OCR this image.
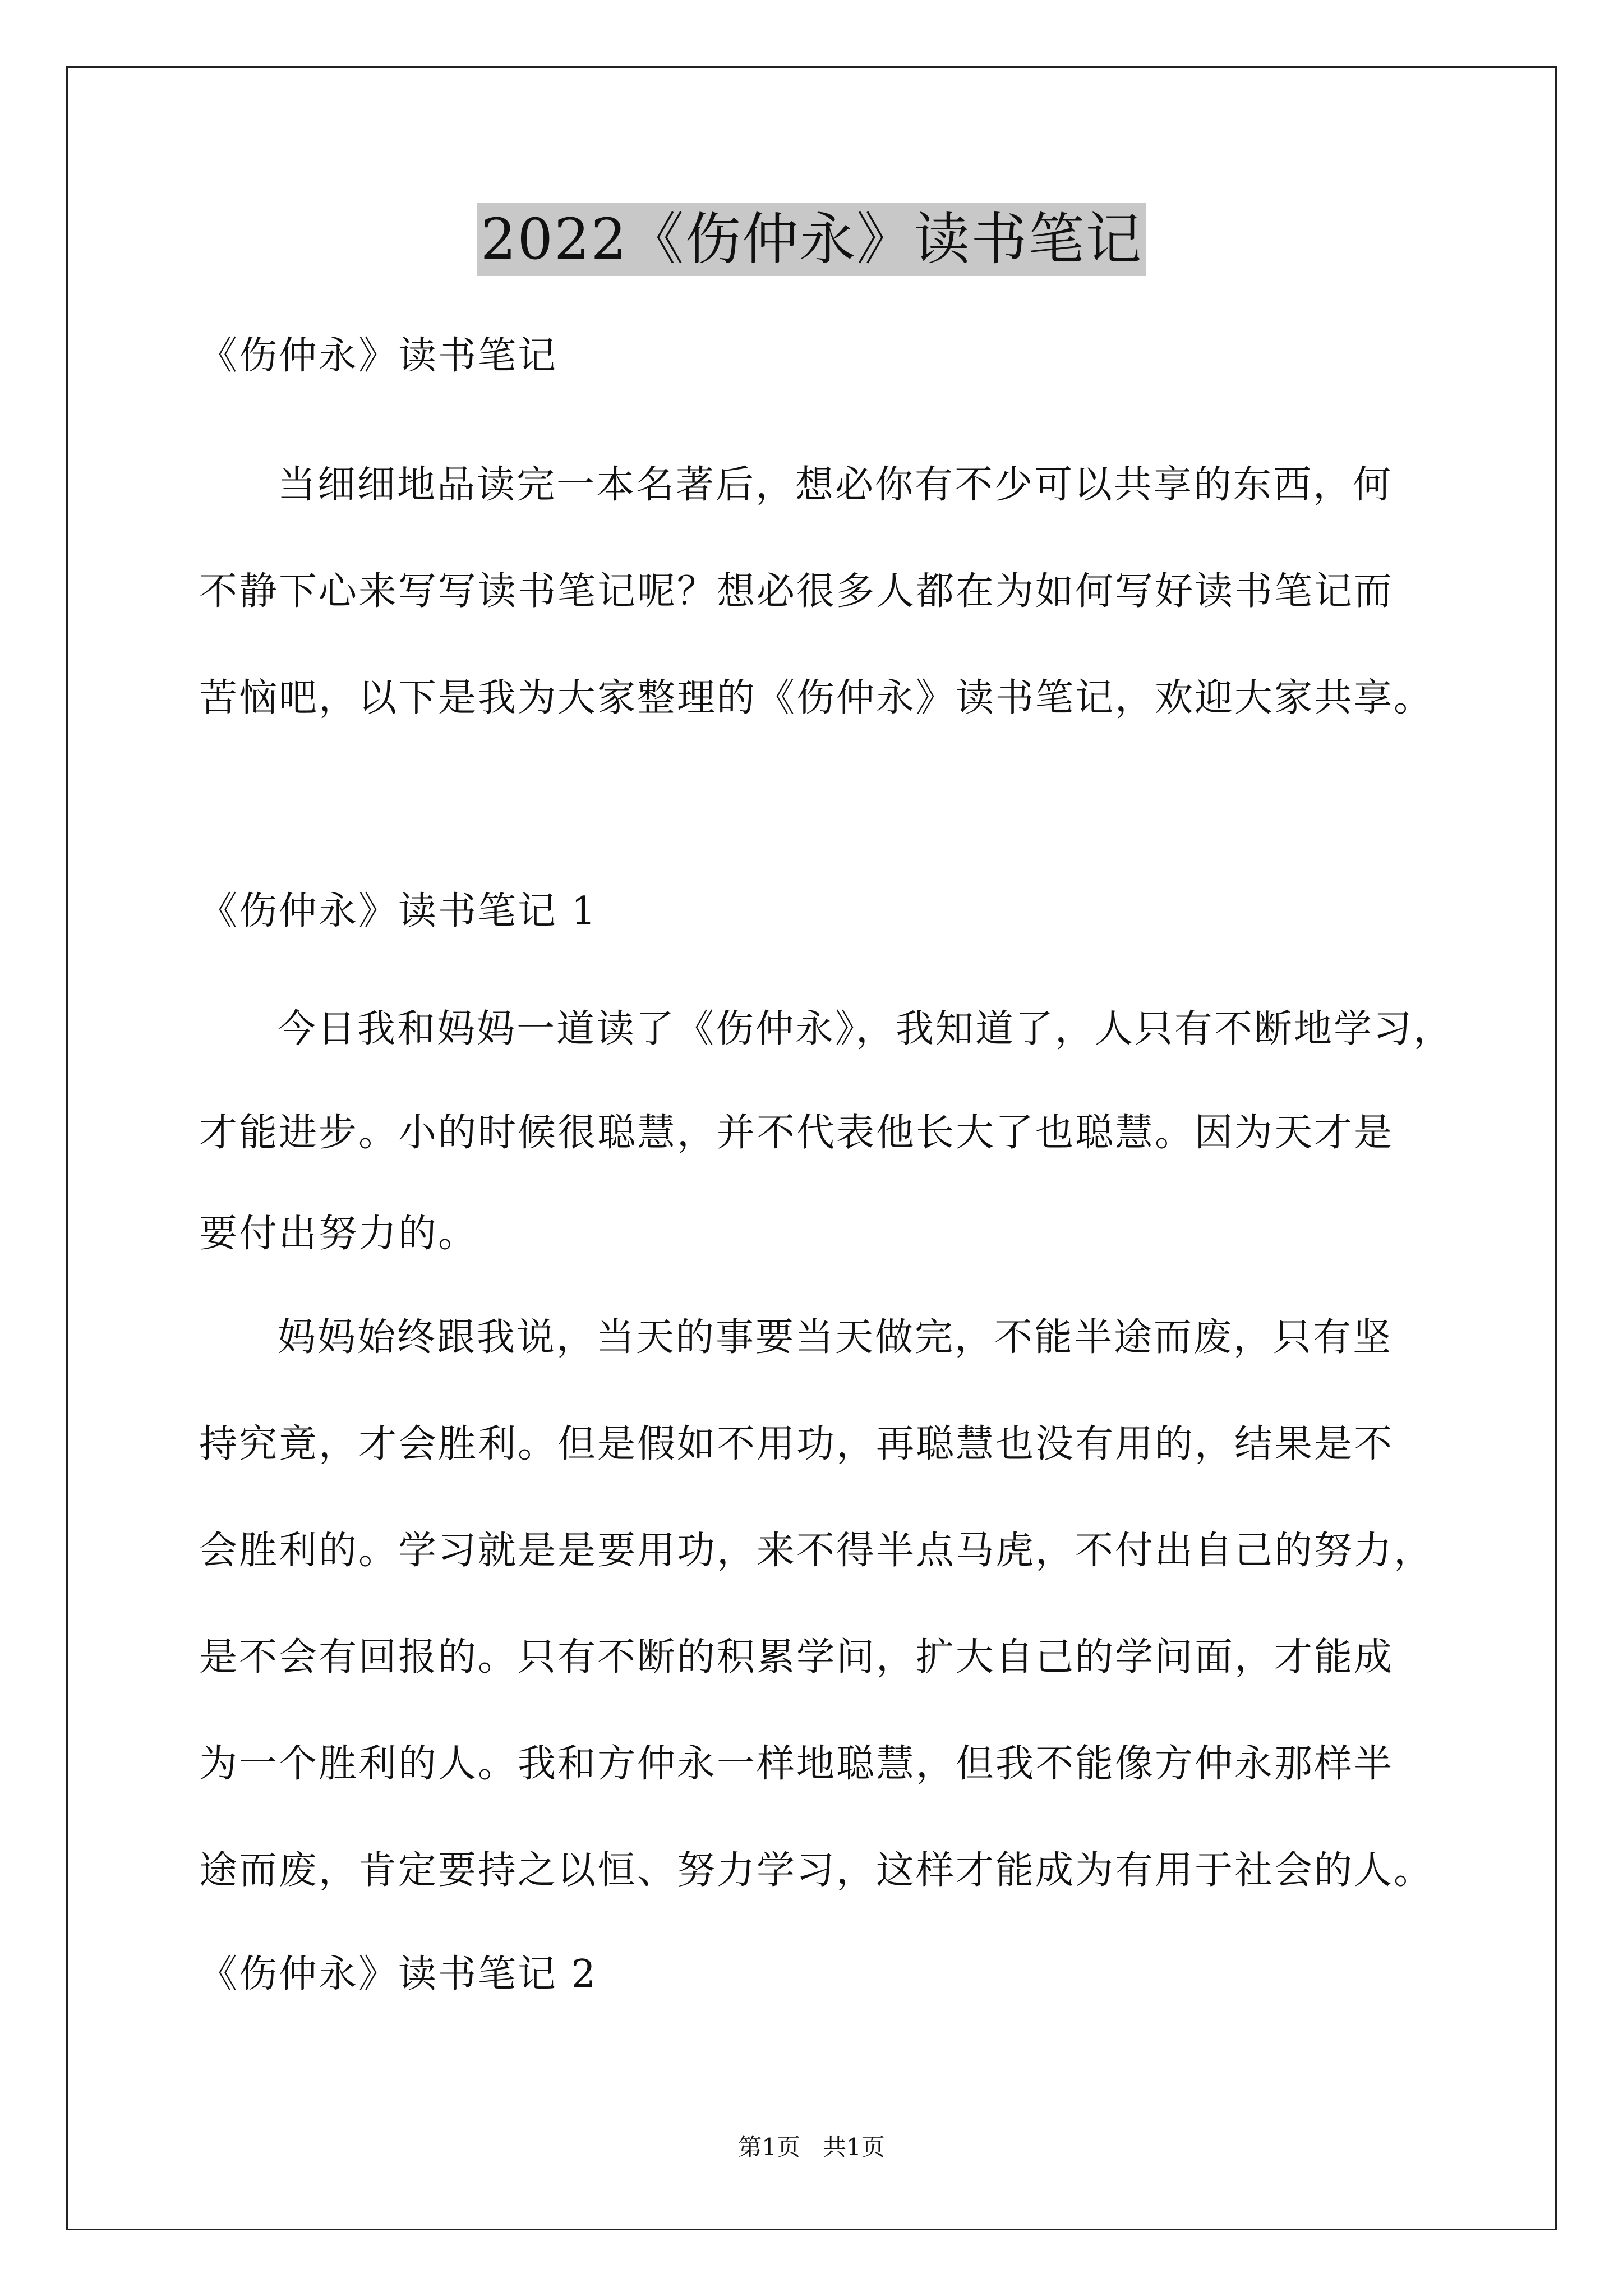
2022《伤仲永》读书笔记
《伤仲永》读书笔记
当细细地品读完一本名著后，想必你有不少可以共享的东西，何
不静下心来写写读书笔记呢？想必很多人都在为如何写好读书笔记而
苦恼吧，以下是我为大家整理的《伤仲永》读书笔记，欢迎大家共享。
《伤仲永》读书笔记 1
今日我和妈妈一道读了《伤仲永》，我知道了，人只有不断地学习，
才能进步。小的时候很聪慧，并不代表他长大了也聪慧。因为天才是
要付出努力的。
妈妈始终跟我说，当天的事要当天做完，不能半途而废，只有坚
持究竟，才会胜利。但是假如不用功，再聪慧也没有用的，结果是不
会胜利的。学习就是是要用功，来不得半点马虎，不付出自己的努力，
是不会有回报的。只有不断的积累学问，扩大自己的学问面，才能成
为一个胜利的人。我和方仲永一样地聪慧，但我不能像方仲永那样半
途而废，肯定要持之以恒、努力学习，这样才能成为有用于社会的人。
《伤仲永》读书笔记 2
第1页   共1页
